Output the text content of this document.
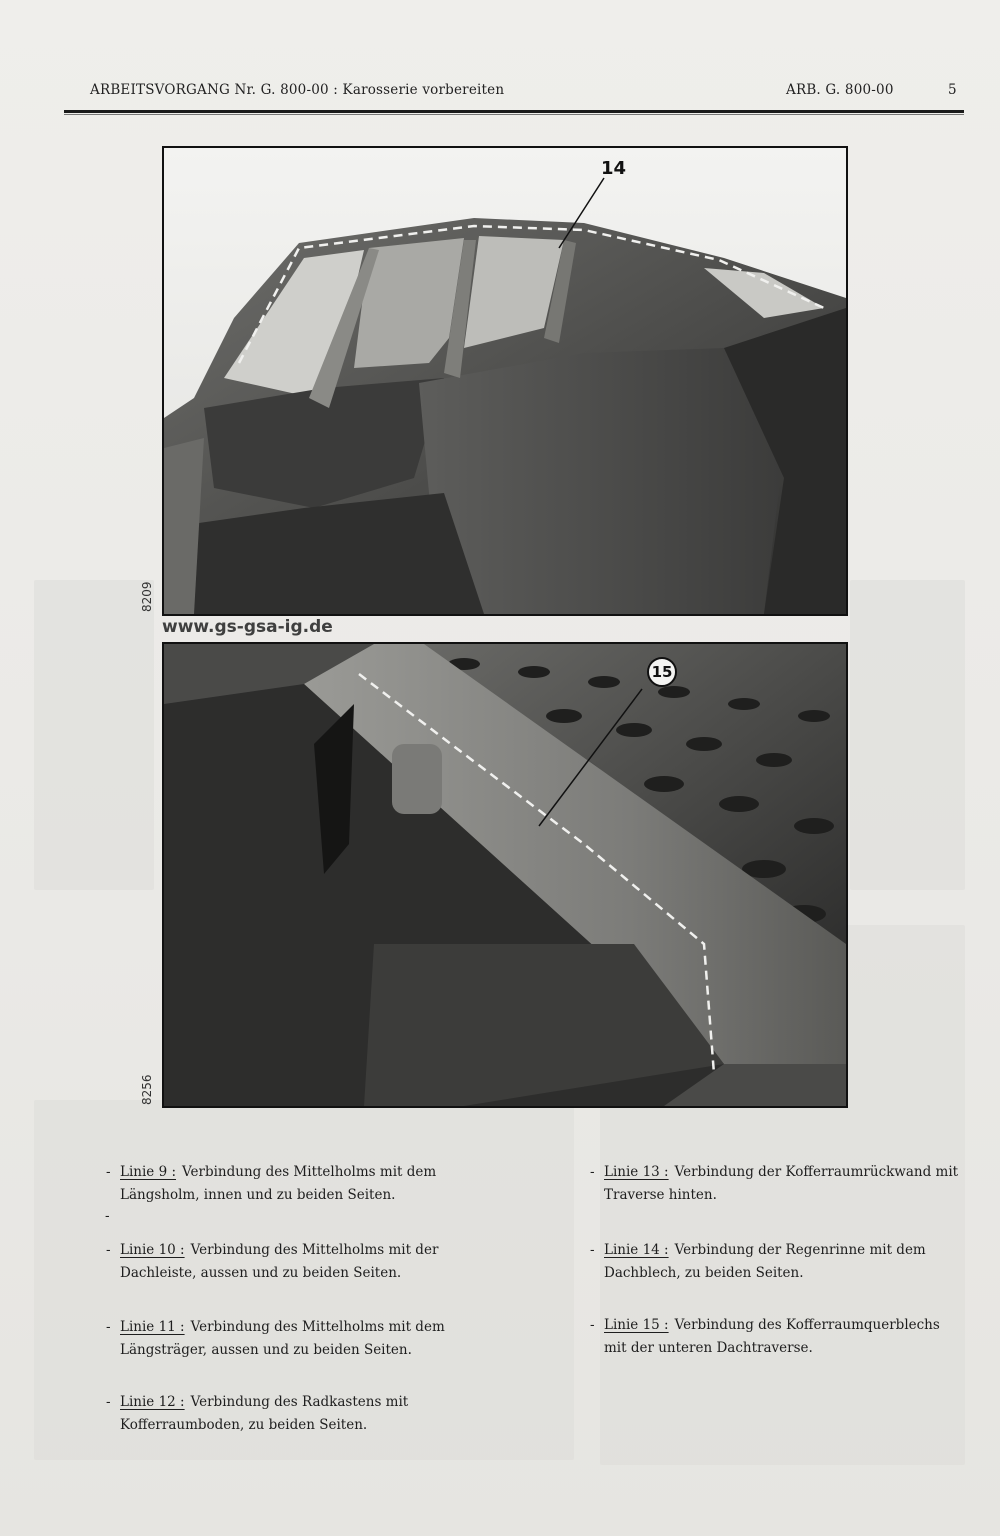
ARBEITSVORGANG Nr. G. 800-00 : Karosserie vorbereiten	ARB. G. 800-00	5
14
8209
www.gs-gsa-ig.de
15
8256
- Linie 9 : Verbindung des Mittelholms mit dem Längsholm, innen und zu beiden Seiten.
-
- Linie 10 : Verbindung des Mittelholms mit der Dachleiste, aussen und zu beiden Seiten.
- Linie 11 : Verbindung des Mittelholms mit dem Längsträger, aussen und zu beiden Seiten.
- Linie 12 : Verbindung des Radkastens mit Kofferraumboden, zu beiden Seiten.
- Linie 13 : Verbindung der Kofferraumrückwand mit Traverse hinten.
- Linie 14 : Verbindung der Regenrinne mit dem Dachblech, zu beiden Seiten.
- Linie 15 : Verbindung des Kofferraumquerblechs mit der unteren Dachtraverse.
